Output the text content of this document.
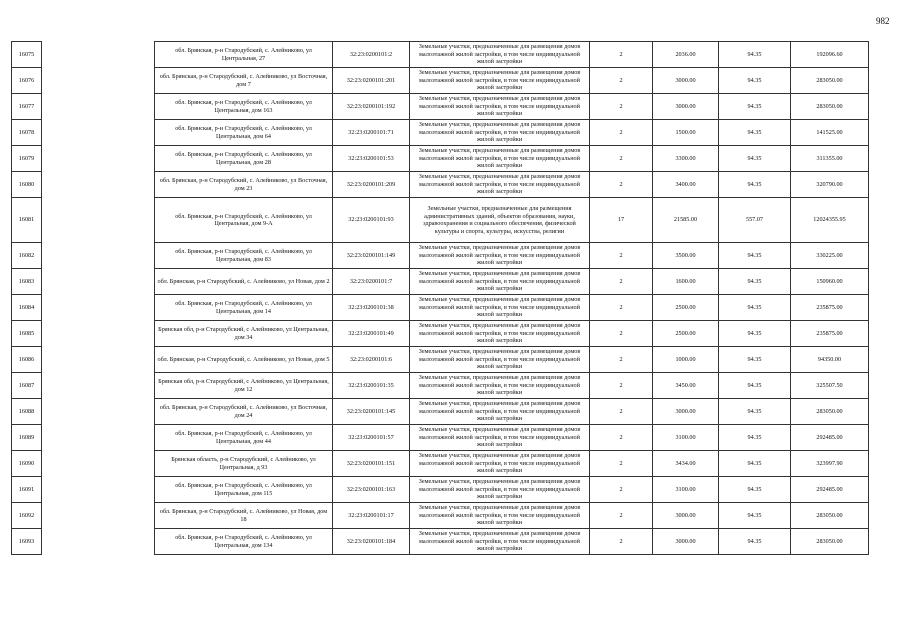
982
16075		обл. Брянская, р-н Стародубский, с. Алейниково, ул Центральная, 27	32:23:0200101:2	Земельные участки, предназначенные для размещения домов малоэтажной жилой застройки, в том числе индивидуальной жилой застройки	2	2036.00	94.35	192096.60
16076		обл. Брянская, р-н Стародубский, с. Алейниково, ул Восточная, дом 7	32:23:0200101:201	Земельные участки, предназначенные для размещения домов малоэтажной жилой застройки, в том числе индивидуальной жилой застройки	2	3000.00	94.35	283050.00
16077		обл. Брянская, р-н Стародубский, с. Алейниково, ул Центральная, дом 163	32:23:0200101:192	Земельные участки, предназначенные для размещения домов малоэтажной жилой застройки, в том числе индивидуальной жилой застройки	2	3000.00	94.35	283050.00
16078		обл. Брянская, р-н Стародубский, с. Алейниково, ул Центральная, дом 64	32:23:0200101:71	Земельные участки, предназначенные для размещения домов малоэтажной жилой застройки, в том числе индивидуальной жилой застройки	2	1500.00	94.35	141525.00
16079		обл. Брянская, р-н Стародубский, с. Алейниково, ул Центральная, дом 28	32:23:0200101:53	Земельные участки, предназначенные для размещения домов малоэтажной жилой застройки, в том числе индивидуальной жилой застройки	2	3300.00	94.35	311355.00
16080		обл. Брянская, р-н Стародубский, с. Алейниково, ул Восточная, дом 23	32:23:0200101:209	Земельные участки, предназначенные для размещения домов малоэтажной жилой застройки, в том числе индивидуальной жилой застройки	2	3400.00	94.35	320790.00
16081		обл. Брянская, р-н Стародубский, с. Алейниково, ул Центральная, дом 9-А	32:23:0200101:93	Земельные участки, предназначенные для размещения административных зданий, объектов образования, науки, здравоохранения и социального обеспечения, физической культуры и спорта, культуры, искусства, религии	17	21585.00	557.07	12024355.95
16082		обл. Брянская, р-н Стародубский, с. Алейниково, ул Центральная, дом 83	32:23:0200101:149	Земельные участки, предназначенные для размещения домов малоэтажной жилой застройки, в том числе индивидуальной жилой застройки	2	3500.00	94.35	330225.00
16083		обл. Брянская, р-н Стародубский, с. Алейниково, ул Новая, дом 2	32:23:0200101:7	Земельные участки, предназначенные для размещения домов малоэтажной жилой застройки, в том числе индивидуальной жилой застройки	2	1600.00	94.35	150960.00
16084		обл. Брянская, р-н Стародубский, с. Алейниково, ул Центральная, дом 14	32:23:0200101:38	Земельные участки, предназначенные для размещения домов малоэтажной жилой застройки, в том числе индивидуальной жилой застройки	2	2500.00	94.35	235875.00
16085		Брянская обл, р-н Стародубский, с Алейниково, ул Центральная, дом 34	32:23:0200101:49	Земельные участки, предназначенные для размещения домов малоэтажной жилой застройки, в том числе индивидуальной жилой застройки	2	2500.00	94.35	235875.00
16086		обл. Брянская, р-н Стародубский, с. Алейниково, ул Новая, дом 5	32:23:0200101:6	Земельные участки, предназначенные для размещения домов малоэтажной жилой застройки, в том числе индивидуальной жилой застройки	2	1000.00	94.35	94350.00
16087		Брянская обл, р-н Стародубский, с Алейниково, ул Центральная, дом 12	32:23:0200101:35	Земельные участки, предназначенные для размещения домов малоэтажной жилой застройки, в том числе индивидуальной жилой застройки	2	3450.00	94.35	325507.50
16088		обл. Брянская, р-н Стародубский, с. Алейниково, ул Восточная, дом 24	32:23:0200101:145	Земельные участки, предназначенные для размещения домов малоэтажной жилой застройки, в том числе индивидуальной жилой застройки	2	3000.00	94.35	283050.00
16089		обл. Брянская, р-н Стародубский, с. Алейниково, ул Центральная, дом 44	32:23:0200101:57	Земельные участки, предназначенные для размещения домов малоэтажной жилой застройки, в том числе индивидуальной жилой застройки	2	3100.00	94.35	292485.00
16090		Брянская область, р-н Стародубский, с Алейниково, ул Центральная, д 93	32:23:0200101:151	Земельные участки, предназначенные для размещения домов малоэтажной жилой застройки, в том числе индивидуальной жилой застройки	2	3434.00	94.35	323997.90
16091		обл. Брянская, р-н Стародубский, с. Алейниково, ул Центральная, дом 115	32:23:0200101:163	Земельные участки, предназначенные для размещения домов малоэтажной жилой застройки, в том числе индивидуальной жилой застройки	2	3100.00	94.35	292485.00
16092		обл. Брянская, р-н Стародубский, с. Алейниково, ул Новая, дом 18	32:23:0200101:17	Земельные участки, предназначенные для размещения домов малоэтажной жилой застройки, в том числе индивидуальной жилой застройки	2	3000.00	94.35	283050.00
16093		обл. Брянская, р-н Стародубский, с. Алейниково, ул Центральная, дом 134	32:23:0200101:184	Земельные участки, предназначенные для размещения домов малоэтажной жилой застройки, в том числе индивидуальной жилой застройки	2	3000.00	94.35	283050.00
